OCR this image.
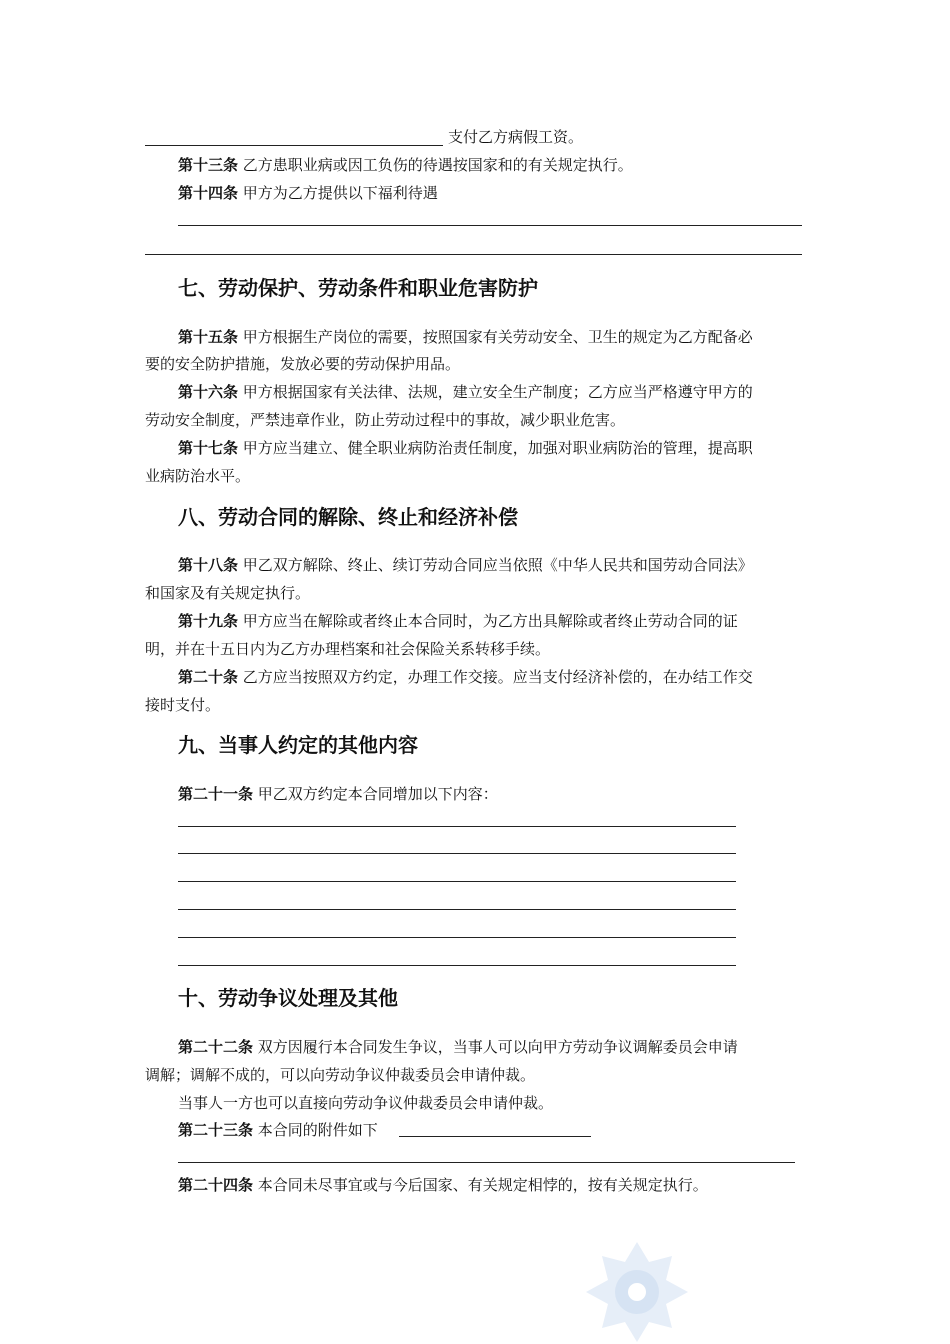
支付乙方病假工资。
第十三条 乙方患职业病或因工负伤的待遇按国家和的有关规定执行。
第十四条 甲方为乙方提供以下福利待遇
七、劳动保护、劳动条件和职业危害防护
第十五条 甲方根据生产岗位的需要，按照国家有关劳动安全、卫生的规定为乙方配备必
要的安全防护措施，发放必要的劳动保护用品。
第十六条 甲方根据国家有关法律、法规，建立安全生产制度；乙方应当严格遵守甲方的
劳动安全制度，严禁违章作业，防止劳动过程中的事故，减少职业危害。
第十七条 甲方应当建立、健全职业病防治责任制度，加强对职业病防治的管理，提高职
业病防治水平。
八、劳动合同的解除、终止和经济补偿
第十八条 甲乙双方解除、终止、续订劳动合同应当依照《中华人民共和国劳动合同法》
和国家及有关规定执行。
第十九条 甲方应当在解除或者终止本合同时，为乙方出具解除或者终止劳动合同的证
明，并在十五日内为乙方办理档案和社会保险关系转移手续。
第二十条 乙方应当按照双方约定，办理工作交接。应当支付经济补偿的，在办结工作交
接时支付。
九、当事人约定的其他内容
第二十一条 甲乙双方约定本合同增加以下内容：
十、劳动争议处理及其他
第二十二条 双方因履行本合同发生争议，当事人可以向甲方劳动争议调解委员会申请
调解；调解不成的，可以向劳动争议仲裁委员会申请仲裁。
当事人一方也可以直接向劳动争议仲裁委员会申请仲裁。
第二十三条 本合同的附件如下
第二十四条 本合同未尽事宜或与今后国家、有关规定相悖的，按有关规定执行。
